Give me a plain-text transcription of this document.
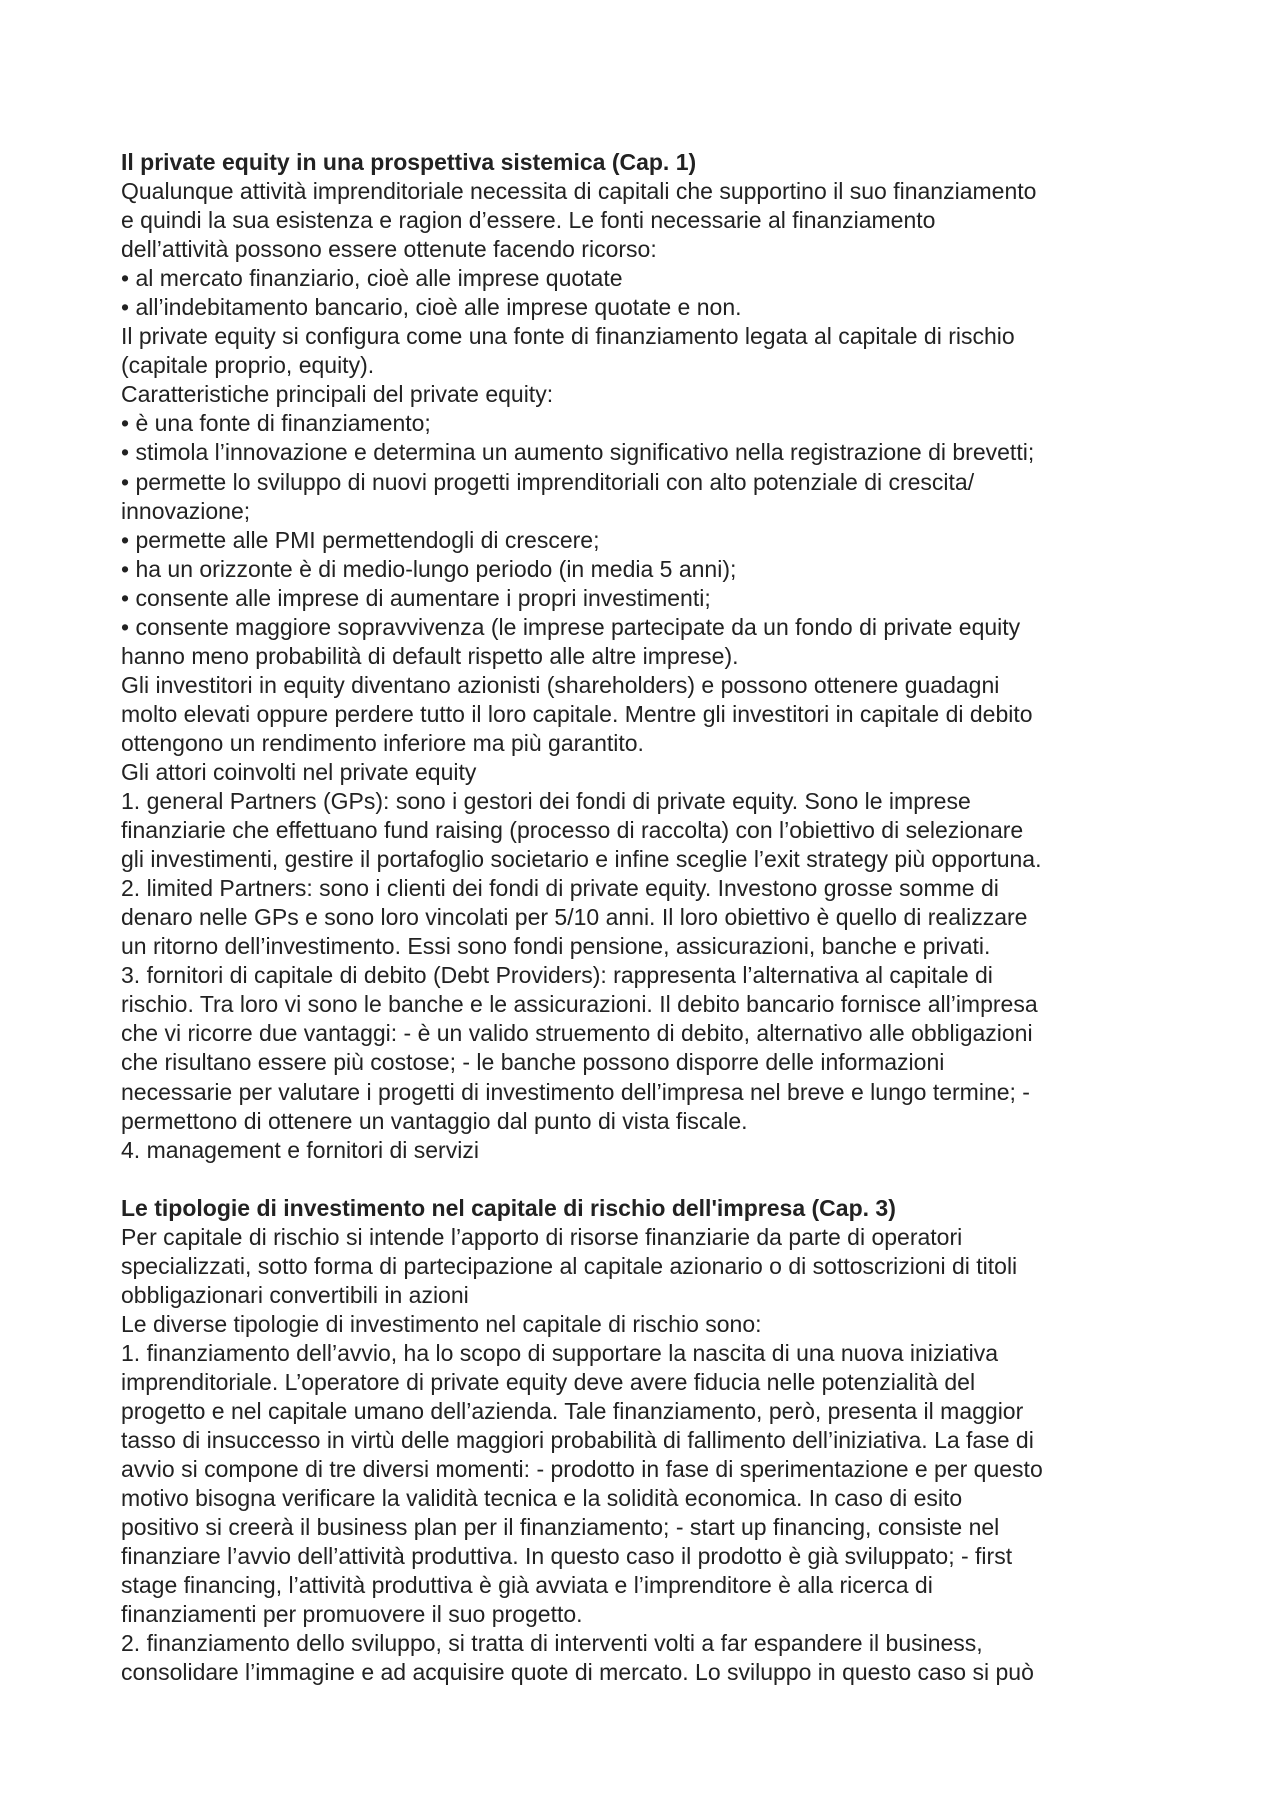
Il private equity in una prospettiva sistemica (Cap. 1)
Qualunque attività imprenditoriale necessita di capitali che supportino il suo finanziamento
e quindi la sua esistenza e ragion d’essere. Le fonti necessarie al finanziamento
dell’attività possono essere ottenute facendo ricorso:
• al mercato finanziario, cioè alle imprese quotate
• all’indebitamento bancario, cioè alle imprese quotate e non.
Il private equity si configura come una fonte di finanziamento legata al capitale di rischio
(capitale proprio, equity).
Caratteristiche principali del private equity:
• è una fonte di finanziamento;
• stimola l’innovazione e determina un aumento significativo nella registrazione di brevetti;
• permette lo sviluppo di nuovi progetti imprenditoriali con alto potenziale di crescita/
innovazione;
• permette alle PMI permettendogli di crescere;
• ha un orizzonte è di medio-lungo periodo (in media 5 anni);
• consente alle imprese di aumentare i propri investimenti;
• consente maggiore sopravvivenza (le imprese partecipate da un fondo di private equity
hanno meno probabilità di default rispetto alle altre imprese).
Gli investitori in equity diventano azionisti (shareholders) e possono ottenere guadagni
molto elevati oppure perdere tutto il loro capitale. Mentre gli investitori in capitale di debito
ottengono un rendimento inferiore ma più garantito.
Gli attori coinvolti nel private equity
1. general Partners (GPs): sono i gestori dei fondi di private equity. Sono le imprese
finanziarie che effettuano fund raising (processo di raccolta) con l’obiettivo di selezionare
gli investimenti, gestire il portafoglio societario e infine sceglie l’exit strategy più opportuna.
2. limited Partners: sono i clienti dei fondi di private equity. Investono grosse somme di
denaro nelle GPs e sono loro vincolati per 5/10 anni. Il loro obiettivo è quello di realizzare
un ritorno dell’investimento. Essi sono fondi pensione, assicurazioni, banche e privati.
3. fornitori di capitale di debito (Debt Providers): rappresenta l’alternativa al capitale di
rischio. Tra loro vi sono le banche e le assicurazioni. Il debito bancario fornisce all’impresa
che vi ricorre due vantaggi: - è un valido struemento di debito, alternativo alle obbligazioni
che risultano essere più costose; - le banche possono disporre delle informazioni
necessarie per valutare i progetti di investimento dell’impresa nel breve e lungo termine; -
permettono di ottenere un vantaggio dal punto di vista fiscale.
4. management e fornitori di servizi
Le tipologie di investimento nel capitale di rischio dell'impresa (Cap. 3)
Per capitale di rischio si intende l’apporto di risorse finanziarie da parte di operatori
specializzati, sotto forma di partecipazione al capitale azionario o di sottoscrizioni di titoli
obbligazionari convertibili in azioni
Le diverse tipologie di investimento nel capitale di rischio sono:
1. finanziamento dell’avvio, ha lo scopo di supportare la nascita di una nuova iniziativa
imprenditoriale. L’operatore di private equity deve avere fiducia nelle potenzialità del
progetto e nel capitale umano dell’azienda. Tale finanziamento, però, presenta il maggior
tasso di insuccesso in virtù delle maggiori probabilità di fallimento dell’iniziativa. La fase di
avvio si compone di tre diversi momenti: - prodotto in fase di sperimentazione e per questo
motivo bisogna verificare la validità tecnica e la solidità economica. In caso di esito
positivo si creerà il business plan per il finanziamento; - start up financing, consiste nel
finanziare l’avvio dell’attività produttiva. In questo caso il prodotto è già sviluppato; - first
stage financing, l’attività produttiva è già avviata e l’imprenditore è alla ricerca di
finanziamenti per promuovere il suo progetto.
2. finanziamento dello sviluppo, si tratta di interventi volti a far espandere il business,
consolidare l’immagine e ad acquisire quote di mercato. Lo sviluppo in questo caso si può
